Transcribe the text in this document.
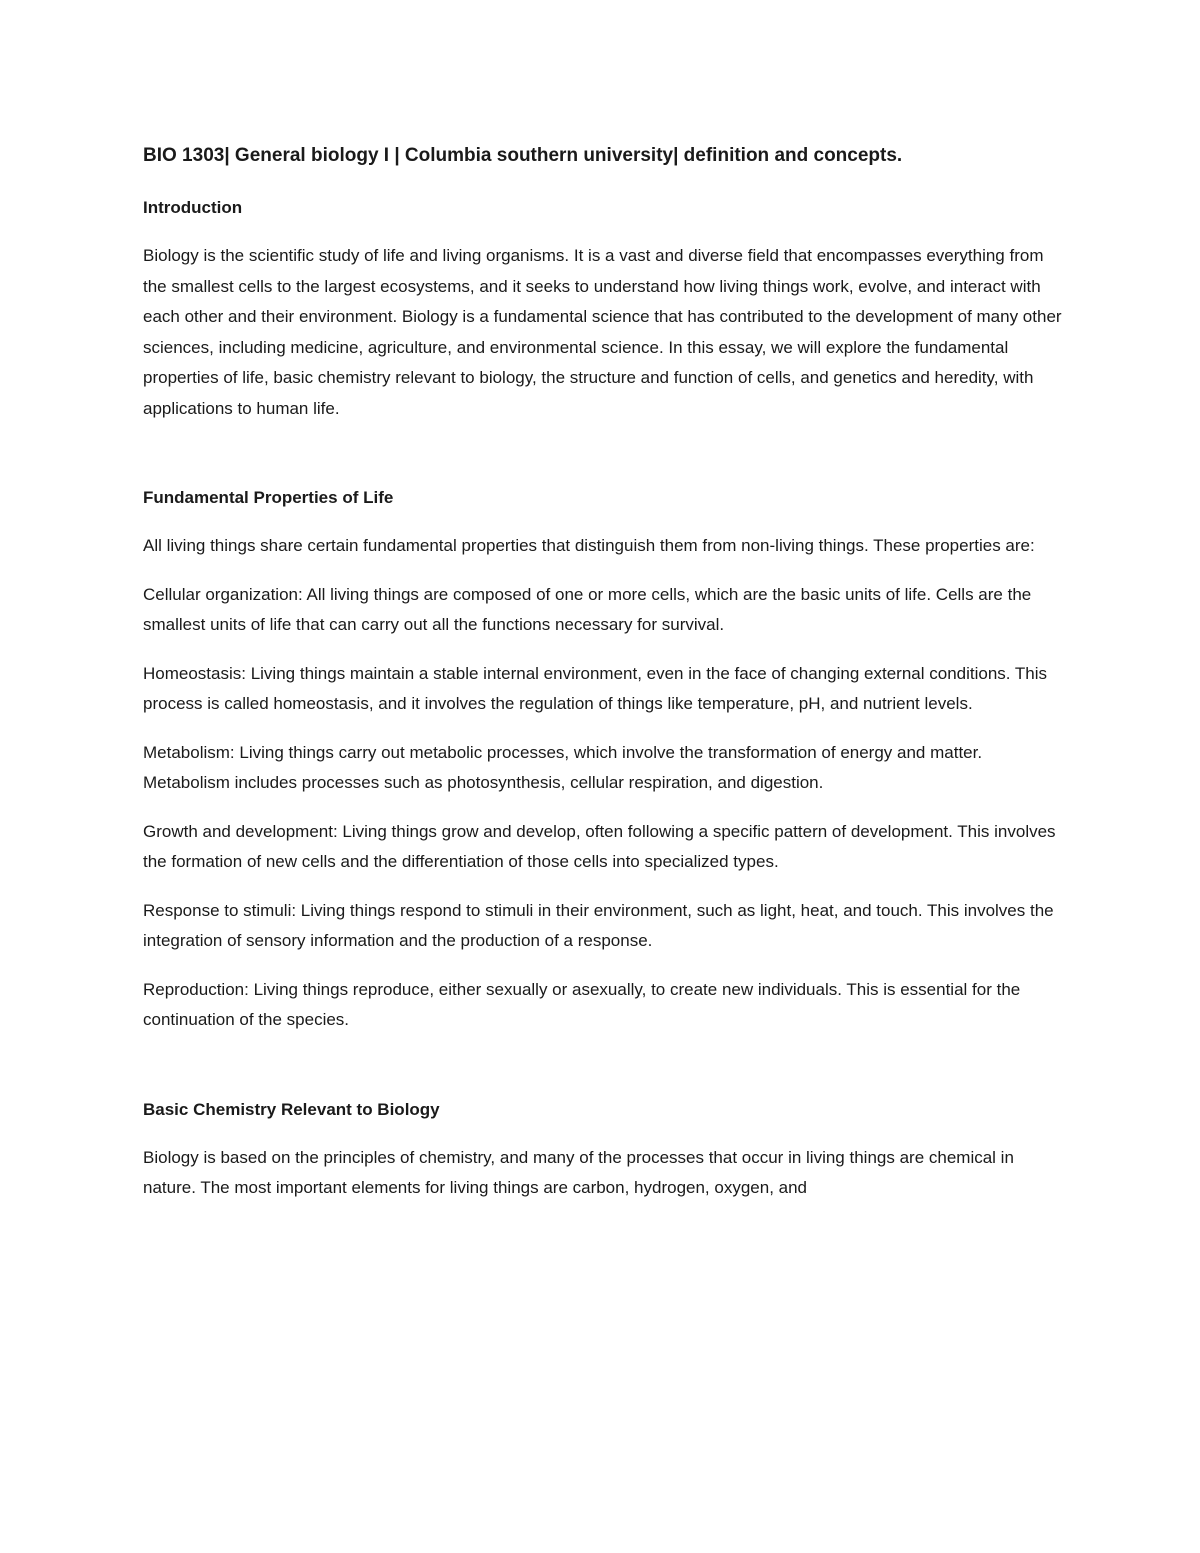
BIO 1303| General biology I | Columbia southern university| definition and concepts.
Introduction

Biology is the scientific study of life and living organisms. It is a vast and diverse field that encompasses everything from the smallest cells to the largest ecosystems, and it seeks to understand how living things work, evolve, and interact with each other and their environment. Biology is a fundamental science that has contributed to the development of many other sciences, including medicine, agriculture, and environmental science. In this essay, we will explore the fundamental properties of life, basic chemistry relevant to biology, the structure and function of cells, and genetics and heredity, with applications to human life.

Fundamental Properties of Life

All living things share certain fundamental properties that distinguish them from non-living things. These properties are:

Cellular organization: All living things are composed of one or more cells, which are the basic units of life. Cells are the smallest units of life that can carry out all the functions necessary for survival.

Homeostasis: Living things maintain a stable internal environment, even in the face of changing external conditions. This process is called homeostasis, and it involves the regulation of things like temperature, pH, and nutrient levels.

Metabolism: Living things carry out metabolic processes, which involve the transformation of energy and matter. Metabolism includes processes such as photosynthesis, cellular respiration, and digestion.

Growth and development: Living things grow and develop, often following a specific pattern of development. This involves the formation of new cells and the differentiation of those cells into specialized types.

Response to stimuli: Living things respond to stimuli in their environment, such as light, heat, and touch. This involves the integration of sensory information and the production of a response.

Reproduction: Living things reproduce, either sexually or asexually, to create new individuals. This is essential for the continuation of the species.

Basic Chemistry Relevant to Biology

Biology is based on the principles of chemistry, and many of the processes that occur in living things are chemical in nature. The most important elements for living things are carbon, hydrogen, oxygen, and
